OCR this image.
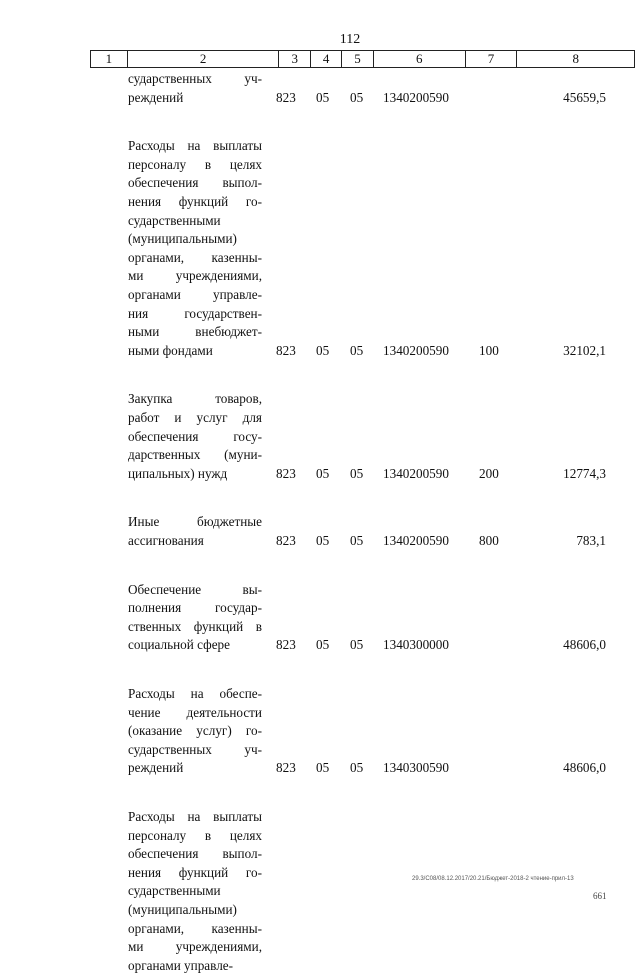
112
1	2	3	4	5	6	7	8
сударственных уч-
реждений	823 05 05 1340200590	45659,5
Расходы на выплаты
персоналу в целях
обеспечения выпол-
нения функций го-
сударственными
(муниципальными)
органами, казенны-
ми учреждениями,
органами управле-
ния государствен-
ными внебюджет-
ными фондами	823 05 05 1340200590 100	32102,1
Закупка товаров,
работ и услуг для
обеспечения госу-
дарственных (муни-
ципальных) нужд	823 05 05 1340200590 200	12774,3
Иные бюджетные
ассигнования	823 05 05 1340200590 800	783,1
Обеспечение вы-
полнения государ-
ственных функций в
социальной сфере	823 05 05 1340300000	48606,0
Расходы на обеспе-
чение деятельности
(оказание услуг) го-
сударственных уч-
реждений	823 05 05 1340300590	48606,0
Расходы на выплаты
персоналу в целях
обеспечения выпол-
нения функций го-
сударственными
(муниципальными)
органами, казенны-
ми учреждениями,
органами управле-
29.3/С08/08.12.2017/20.21/Бюджет-2018-2 чтение-прил-13
661
